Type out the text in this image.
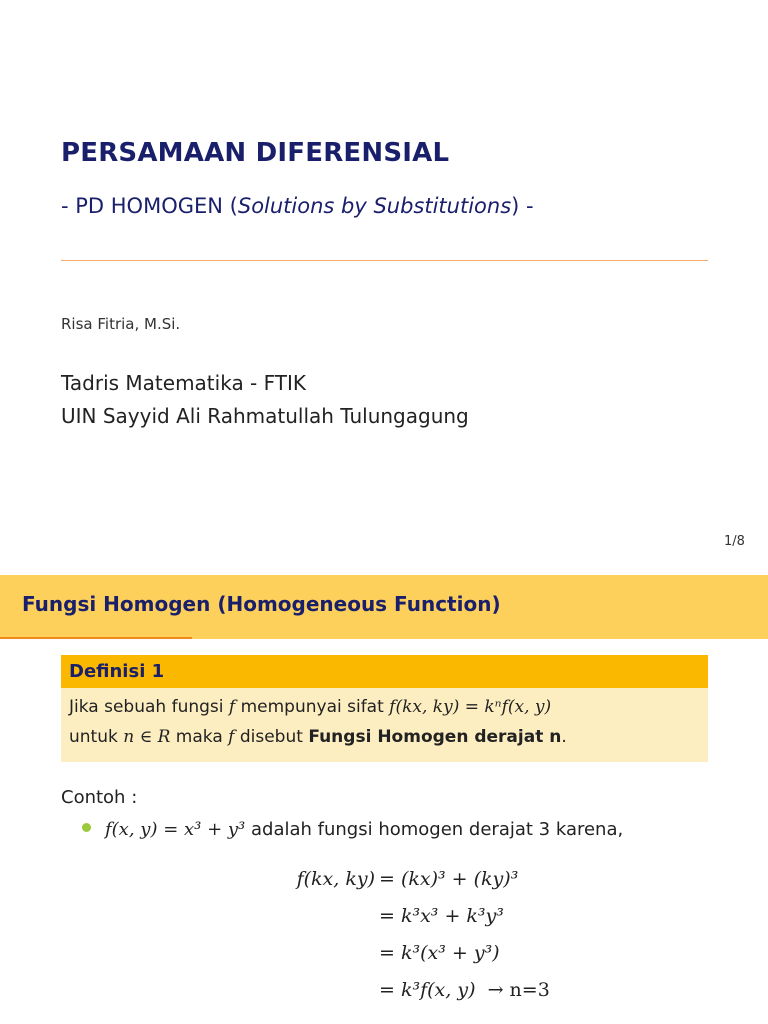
PERSAMAAN DIFERENSIAL
- PD HOMOGEN (Solutions by Substitutions) -
Risa Fitria, M.Si.
Tadris Matematika - FTIK
UIN Sayyid Ali Rahmatullah Tulungagung
1/8
Fungsi Homogen (Homogeneous Function)
Definisi 1
Jika sebuah fungsi f mempunyai sifat f(kx, ky) = kⁿf(x, y)
untuk n ∈ R maka f disebut Fungsi Homogen derajat n.
Contoh :
f(x, y) = x³ + y³ adalah fungsi homogen derajat 3 karena,
f(kx, ky) = (kx)³ + (ky)³
= k³x³ + k³y³
= k³(x³ + y³)
= k³f(x, y) → n=3
